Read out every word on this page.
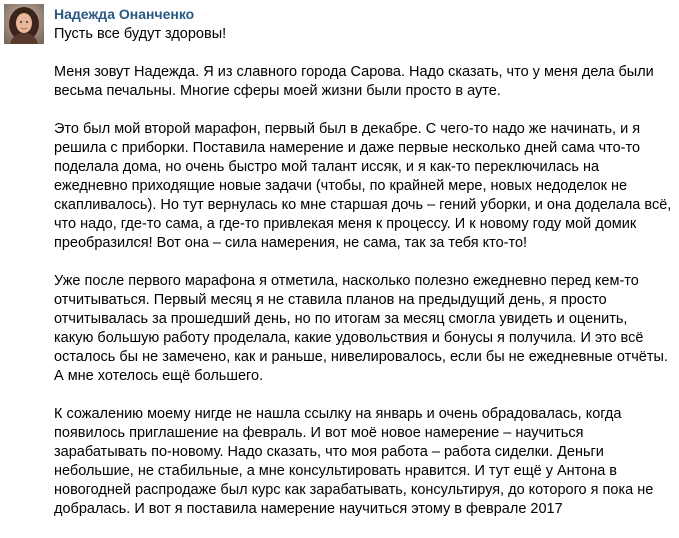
Надежда Онанченко
Пусть все будут здоровы!
Меня зовут Надежда. Я из славного города Сарова. Надо сказать, что у меня дела были
весьма печальны. Многие сферы моей жизни были просто в ауте.
Это был мой второй марафон, первый был в декабре. С чего-то надо же начинать, и я
решила с приборки. Поставила намерение и даже первые несколько дней сама что-то
поделала дома, но очень быстро мой талант иссяк, и я как-то переключилась на
ежедневно приходящие новые задачи (чтобы, по крайней мере, новых недоделок не
скапливалось). Но тут вернулась ко мне старшая дочь – гений уборки, и она доделала всё,
что надо, где-то сама, а где-то привлекая меня к процессу. И к новому году мой домик
преобразился! Вот она – сила намерения, не сама, так за тебя кто-то!
Уже после первого марафона я отметила, насколько полезно ежедневно перед кем-то
отчитываться. Первый месяц я не ставила планов на предыдущий день, я просто
отчитывалась за прошедший день, но по итогам за месяц смогла увидеть и оценить,
какую большую работу проделала, какие удовольствия и бонусы я получила. И это всё
осталось бы не замечено, как и раньше, нивелировалось, если бы не ежедневные отчёты.
А мне хотелось ещё большего.
К сожалению моему нигде не нашла ссылку на январь и очень обрадовалась, когда
появилось приглашение на февраль. И вот моё новое намерение – научиться
зарабатывать по-новому. Надо сказать, что моя работа – работа сиделки. Деньги
небольшие, не стабильные, а мне консультировать нравится. И тут ещё у Антона в
новогодней распродаже был курс как зарабатывать, консультируя, до которого я пока не
добралась. И вот я поставила намерение научиться этому в феврале 2017
